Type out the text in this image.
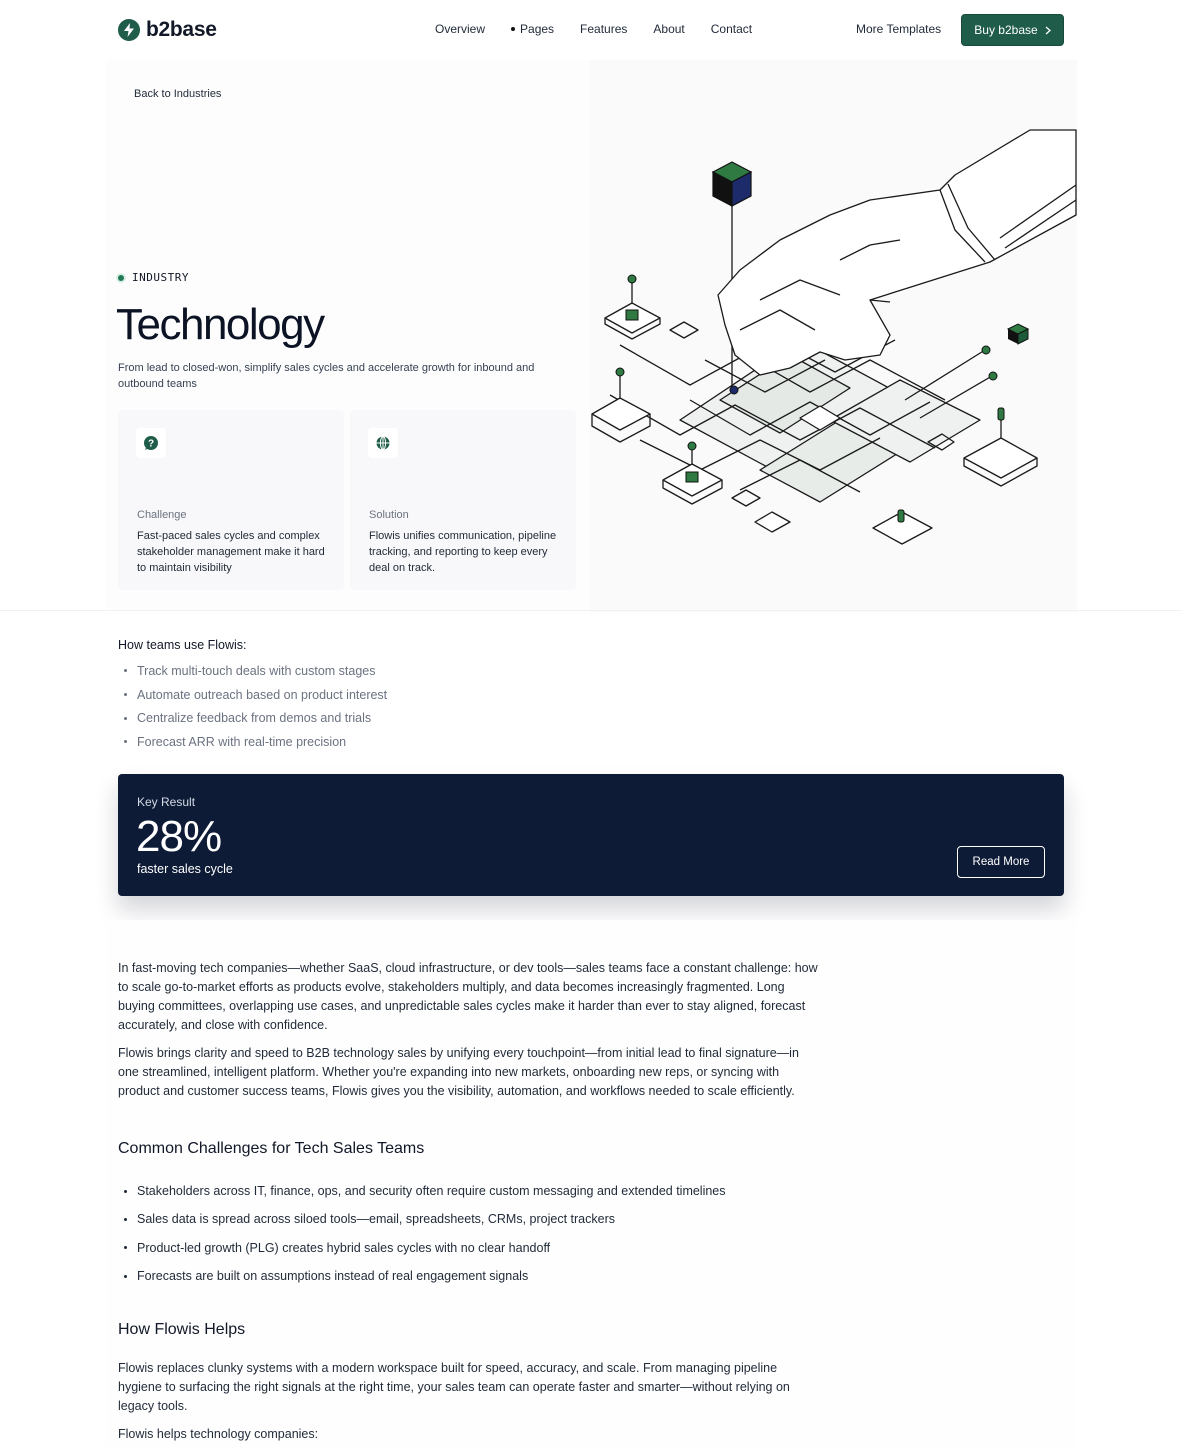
b2base	Overview	Pages Features About Contact	More Templates	Buy b2base
Back to Industries
INDUSTRY
Technology
From lead to closed-won, simplify sales cycles and accelerate growth for inbound and outbound teams
?
Challenge
Fast-paced sales cycles and complex stakeholder management make it hard to maintain visibility
Solution
Flowis unifies communication, pipeline tracking, and reporting to keep every deal on track.
How teams use Flowis:
Track multi-touch deals with custom stages
Automate outreach based on product interest
Centralize feedback from demos and trials
Forecast ARR with real-time precision
Key Result
28%
faster sales cycle	Read More

In fast-moving tech companies—whether SaaS, cloud infrastructure, or dev tools—sales teams face a constant challenge: how to scale go-to-market efforts as products evolve, stakeholders multiply, and data becomes increasingly fragmented. Long buying committees, overlapping use cases, and unpredictable sales cycles make it harder than ever to stay aligned, forecast accurately, and close with confidence.

Flowis brings clarity and speed to B2B technology sales by unifying every touchpoint—from initial lead to final signature—in one streamlined, intelligent platform. Whether you're expanding into new markets, onboarding new reps, or syncing with product and customer success teams, Flowis gives you the visibility, automation, and workflows needed to scale efficiently.

Common Challenges for Tech Sales Teams
Stakeholders across IT, finance, ops, and security often require custom messaging and extended timelines
Sales data is spread across siloed tools—email, spreadsheets, CRMs, project trackers
Product-led growth (PLG) creates hybrid sales cycles with no clear handoff
Forecasts are built on assumptions instead of real engagement signals
How Flowis Helps

Flowis replaces clunky systems with a modern workspace built for speed, accuracy, and scale. From managing pipeline hygiene to surfacing the right signals at the right time, your sales team can operate faster and smarter—without relying on legacy tools.

Flowis helps technology companies:
